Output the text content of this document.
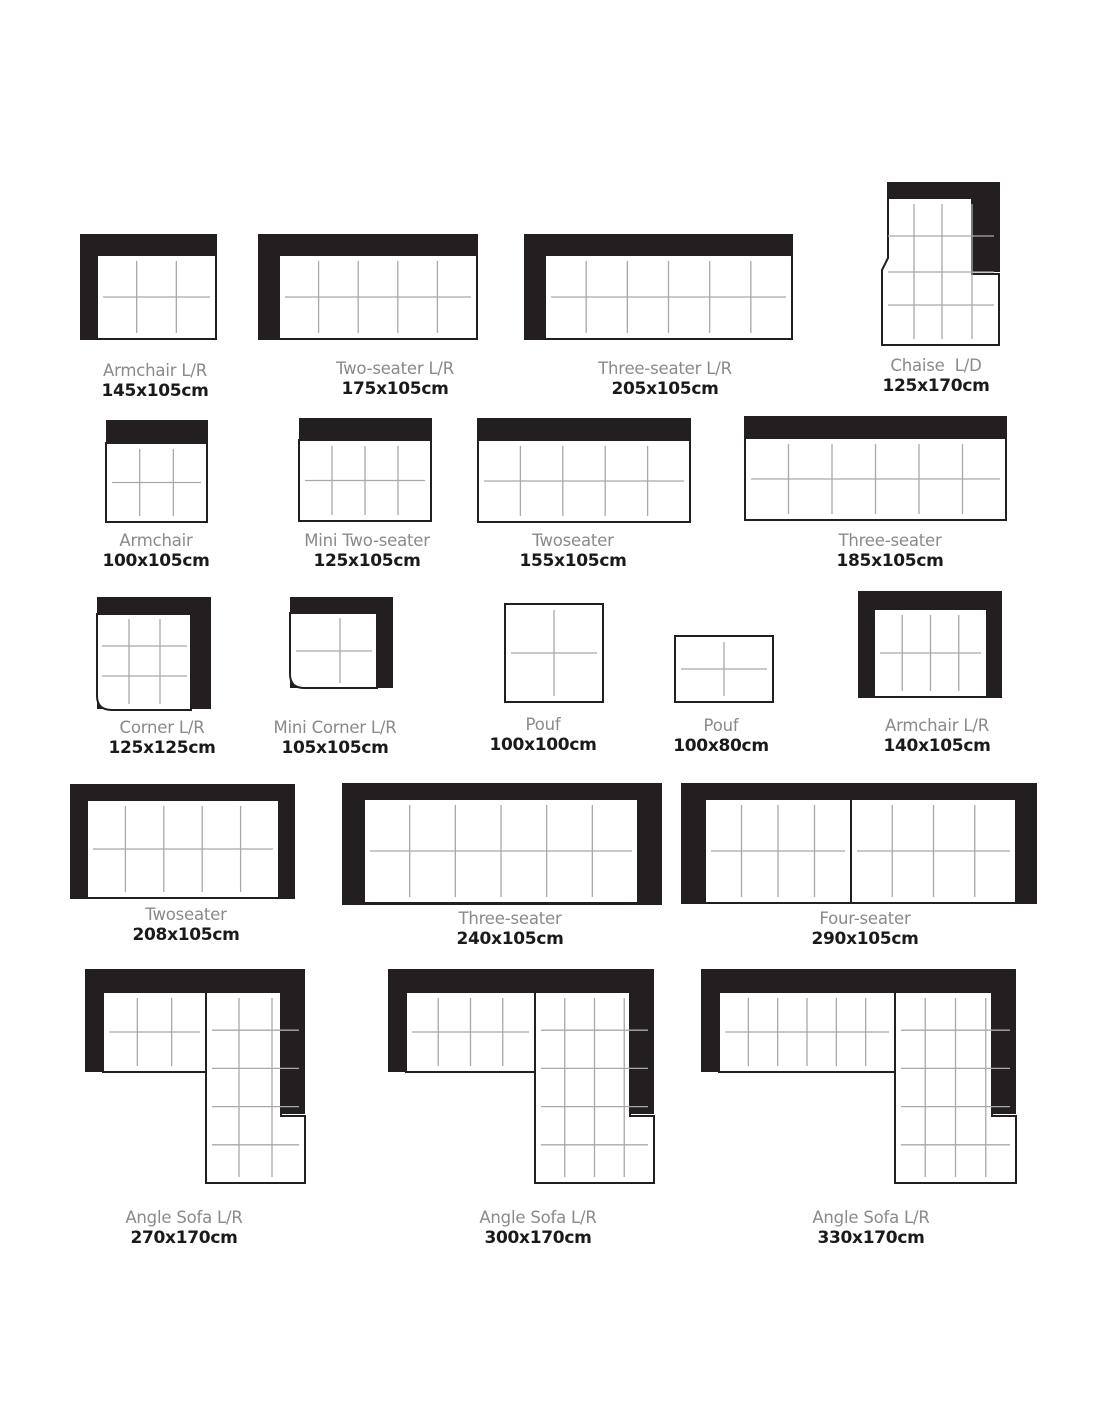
Armchair L/R
145x105cm
Two-seater L/R
175x105cm
Three-seater L/R
205x105cm
Chaise  L/D
125x170cm
Armchair
100x105cm
Mini Two-seater
125x105cm
Twoseater
155x105cm
Three-seater
185x105cm
Corner L/R
125x125cm
Mini Corner L/R
105x105cm
Pouf
100x100cm
Pouf
100x80cm
Armchair L/R
140x105cm
Twoseater
208x105cm
Three-seater
240x105cm
Four-seater
290x105cm
Angle Sofa L/R
270x170cm
Angle Sofa L/R
300x170cm
Angle Sofa L/R
330x170cm
